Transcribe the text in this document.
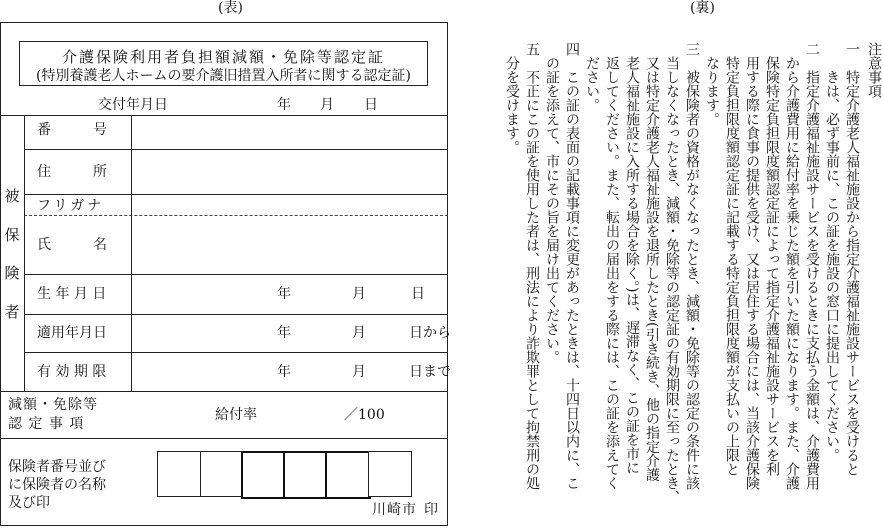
(表)
介護保険利用者負担額減額・免除等認定証
(特別養護老人ホームの要介護旧措置入所者に関する認定証)
交付年月日	年 月 日
被
保
険
者
番　　　号
住　　　所
フリガナ
氏　　　名
生 年 月 日	年	月	日
適用年月日	年	月	日から
有 効 期 限	年	月	日まで
減額・免除等
認 定 事 項
給付率	／100
保険者番号並び
に保険者の名称
及び印	川崎市 印
(裏)
注意事項
一　特定介護老人福祉施設から指定介護福祉施設サービスを受けると
　　きは、必ず事前に、この証を施設の窓口に提出してください。
二　指定介護福祉施設サービスを受けるときに支払う金額は、介護費用
　から介護費用に給付率を乗じた額を引いた額になります。また、介護
　保険特定負担限度額認定証によって指定介護福祉施設サービスを利
　用する際に食事の提供を受け、又は居住する場合には、当該介護保険
　特定負担限度額認定証に記載する特定負担限度額が支払いの上限と
　なります。
三　被保険者の資格がなくなったとき、減額・免除等の認定の条件に該
　当しなくなったとき、減額・免除等の認定証の有効期限に至ったとき、
　又は特定介護老人福祉施設を退所したとき(引き続き、他の指定介護
　老人福祉施設に入所する場合を除く。)は、遅滞なく、この証を市に
　返してください。また、転出の届出をする際には、この証を添えてく
　ださい。
四　この証の表面の記載事項に変更があったときは、十四日以内に、こ
　の証を添えて、市にその旨を届け出てください。
五　不正にこの証を使用した者は、刑法により詐欺罪として拘禁刑の処
　分を受けます。
